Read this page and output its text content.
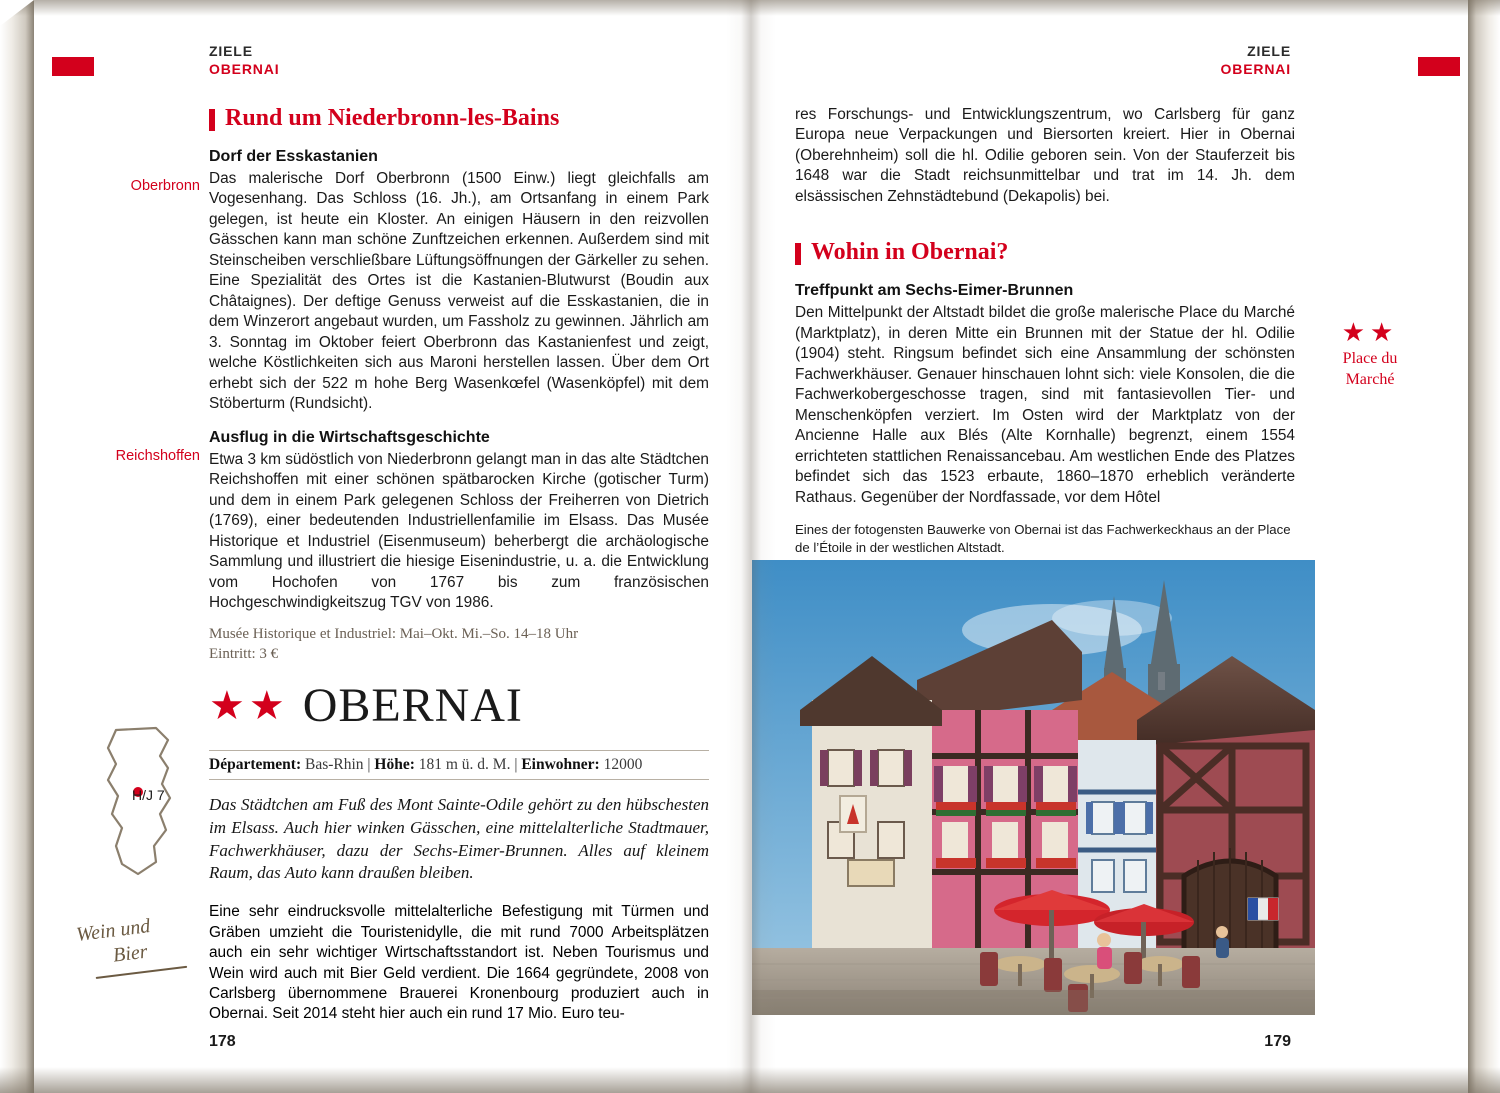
ZIELE
OBERNAI
Oberbronn
Reichshoffen
Rund um Niederbronn-les-Bains
Dorf der Esskastanien

Das malerische Dorf Oberbronn (1500 Einw.) liegt gleichfalls am Vogesenhang. Das Schloss (16. Jh.), am Ortsanfang in einem Park gelegen, ist heute ein Kloster. An einigen Häusern in den reizvollen Gässchen kann man schöne Zunftzeichen erkennen. Außerdem sind mit Steinscheiben verschließbare Lüftungsöffnungen der Gärkeller zu sehen. Eine Spezialität des Ortes ist die Kastanien-Blutwurst (Boudin aux Châtaignes). Der deftige Genuss verweist auf die Esskastanien, die in dem Winzerort angebaut wurden, um Fassholz zu gewinnen. Jährlich am 3. Sonntag im Oktober feiert Oberbronn das Kastanienfest und zeigt, welche Köstlichkeiten sich aus Maroni herstellen lassen. Über dem Ort erhebt sich der 522 m hohe Berg Wasenkœfel (Wasenköpfel) mit dem Stöberturm (Rundsicht).

Ausflug in die Wirtschaftsgeschichte

Etwa 3 km südöstlich von Niederbronn gelangt man in das alte Städtchen Reichshoffen mit einer schönen spätbarocken Kirche (gotischer Turm) und dem in einem Park gelegenen Schloss der Freiherren von Dietrich (1769), einer bedeutenden Industriellenfamilie im Elsass. Das Musée Historique et Industriel (Eisenmuseum) beherbergt die archäologische Sammlung und illustriert die hiesige Eisenindustrie, u. a. die Entwicklung vom Hochofen von 1767 bis zum französischen Hochgeschwindigkeitszug TGV von 1986.

Musée Historique et Industriel: Mai–Okt. Mi.–So. 14–18 Uhr

Eintritt: 3 €

H/J 7
Wein und
Bier
★★ OBERNAI
Département: Bas-Rhin | Höhe: 181 m ü. d. M. | Einwohner: 12000

Das Städtchen am Fuß des Mont Sainte-Odile gehört zu den hübschesten im Elsass. Auch hier winken Gässchen, eine mittelalterliche Stadtmauer, Fachwerkhäuser, dazu der Sechs-Eimer-Brunnen. Alles auf kleinem Raum, das Auto kann draußen bleiben.

Eine sehr eindrucksvolle mittelalterliche Befestigung mit Türmen und Gräben umzieht die Touristenidylle, die mit rund 7000 Arbeitsplätzen auch ein sehr wichtiger Wirtschaftsstandort ist. Neben Tourismus und Wein wird auch mit Bier Geld verdient. Die 1664 gegründete, 2008 von Carlsberg übernommene Brauerei Kronenbourg produziert auch in Obernai. Seit 2014 steht hier auch ein rund 17 Mio. Euro teu-

178
ZIELE
OBERNAI

res Forschungs- und Entwicklungszentrum, wo Carlsberg für ganz Europa neue Verpackungen und Biersorten kreiert. Hier in Obernai (Oberehnheim) soll die hl. Odilie geboren sein. Von der Stauferzeit bis 1648 war die Stadt reichsunmittelbar und trat im 14. Jh. dem elsässischen Zehnstädtebund (Dekapolis) bei.

Wohin in Obernai?
Treffpunkt am Sechs-Eimer-Brunnen

Den Mittelpunkt der Altstadt bildet die große malerische Place du Marché (Marktplatz), in deren Mitte ein Brunnen mit der Statue der hl. Odilie (1904) steht. Ringsum befindet sich eine Ansammlung der schönsten Fachwerkhäuser. Genauer hinschauen lohnt sich: viele Konsolen, die die Fachwerkobergeschosse tragen, sind mit fantasievollen Tier- und Menschenköpfen verziert. Im Osten wird der Marktplatz von der Ancienne Halle aux Blés (Alte Kornhalle) begrenzt, einem 1554 errichteten stattlichen Renaissancebau. Am westlichen Ende des Platzes befindet sich das 1523 erbaute, 1860–1870 erheblich veränderte Rathaus. Gegenüber der Nordfassade, vor dem Hôtel

★★
Place du
Marché
Eines der fotogensten Bauwerke von Obernai ist das Fachwerkeckhaus an der Place de l’Étoile in der westlichen Altstadt.
179
